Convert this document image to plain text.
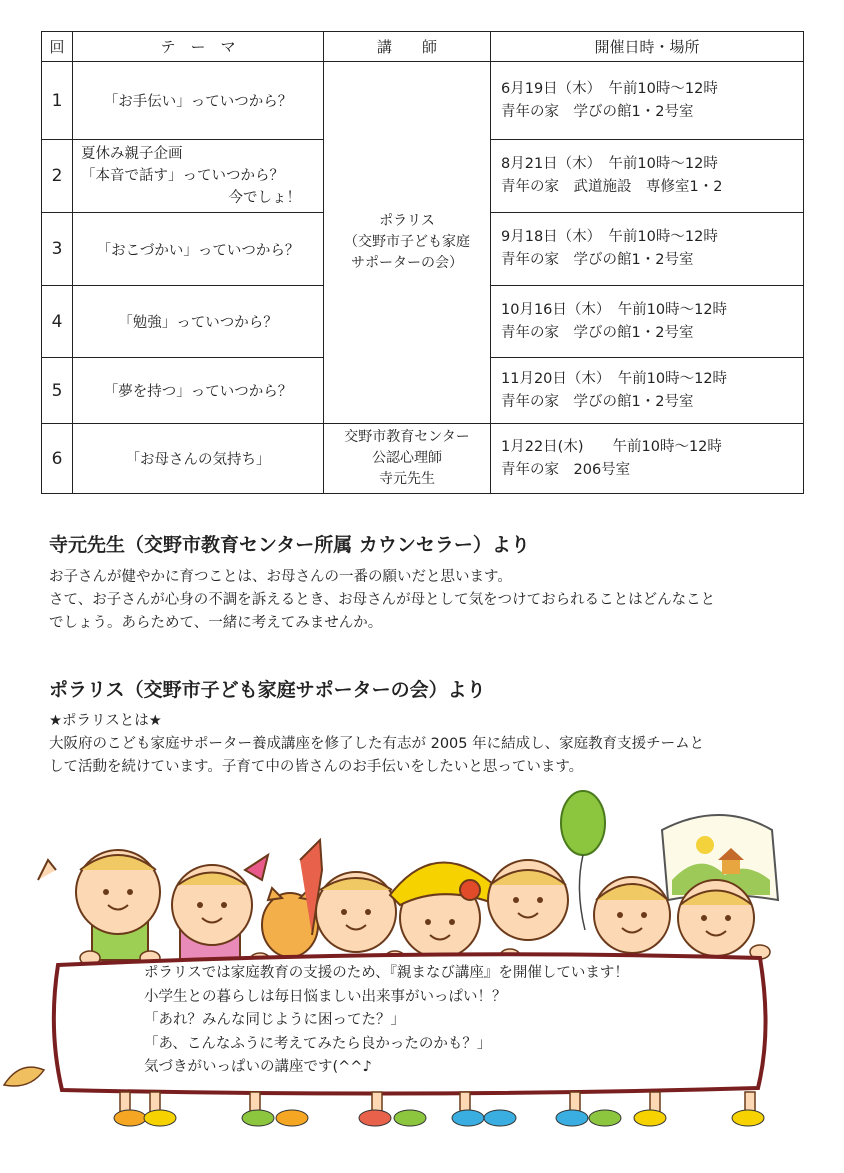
回	テ　ー　マ	講　　師	開催日時・場所
1	「お手伝い」っていつから？	ポラリス
（交野市子ども家庭
サポーターの会）	6月19日（木）　午前10時～12時
青年の家　学びの館1・2号室

2	夏休み親子企画
「本音で話す」っていつから？
今でしょ！		8月21日（木）　午前10時～12時
青年の家　武道施設　専修室1・2

3	「おこづかい」っていつから？		9月18日（木）　午前10時～12時
青年の家　学びの館1・2号室

4	「勉強」っていつから？		10月16日（木）　午前10時～12時
青年の家　学びの館1・2号室

5	「夢を持つ」っていつから？		11月20日（木）　午前10時～12時
青年の家　学びの館1・2号室

6	「お母さんの気持ち」	交野市教育センター
公認心理師
寺元先生	1月22日(木)　　午前10時～12時
青年の家　206号室
寺元先生（交野市教育センター所属 カウンセラー）より

お子さんが健やかに育つことは、お母さんの一番の願いだと思います。
さて、お子さんが心身の不調を訴えるとき、お母さんが母として気をつけておられることはどんなこと
でしょう。あらためて、一緒に考えてみませんか。

ポラリス（交野市子ども家庭サポーターの会）より

★ポラリスとは★
大阪府のこども家庭サポーター養成講座を修了した有志が 2005 年に結成し、家庭教育支援チームと
して活動を続けています。子育て中の皆さんのお手伝いをしたいと思っています。

ポラリスでは家庭教育の支援のため、『親まなび講座』を開催しています！
小学生との暮らしは毎日悩ましい出来事がいっぱい！？
「あれ？みんな同じように困ってた？」
「あ、こんなふうに考えてみたら良かったのかも？」
気づきがいっぱいの講座です(^^♪
